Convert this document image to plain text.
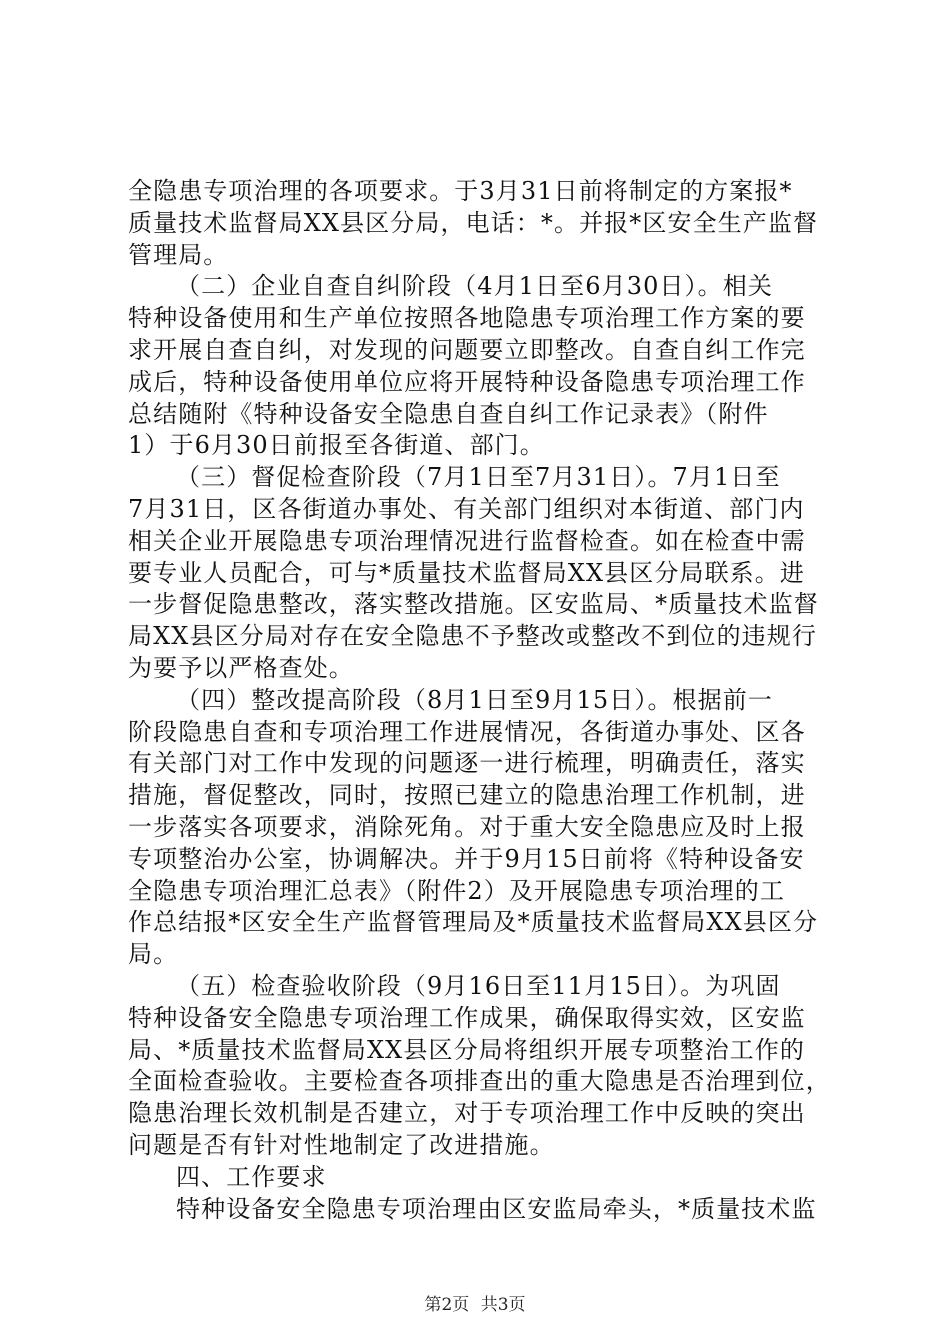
全隐患专项治理的各项要求。于3月31日前将制定的方案报*
质量技术监督局XX县区分局，电话：*。并报*区安全生产监督
管理局。
（二）企业自查自纠阶段（4月1日至6月30日）。相关
特种设备使用和生产单位按照各地隐患专项治理工作方案的要
求开展自查自纠，对发现的问题要立即整改。自查自纠工作完
成后，特种设备使用单位应将开展特种设备隐患专项治理工作
总结随附《特种设备安全隐患自查自纠工作记录表》（附件
1）于6月30日前报至各街道、部门。
（三）督促检查阶段（7月1日至7月31日）。7月1日至
7月31日，区各街道办事处、有关部门组织对本街道、部门内
相关企业开展隐患专项治理情况进行监督检查。如在检查中需
要专业人员配合，可与*质量技术监督局XX县区分局联系。进
一步督促隐患整改，落实整改措施。区安监局、*质量技术监督
局XX县区分局对存在安全隐患不予整改或整改不到位的违规行
为要予以严格查处。
（四）整改提高阶段（8月1日至9月15日）。根据前一
阶段隐患自查和专项治理工作进展情况，各街道办事处、区各
有关部门对工作中发现的问题逐一进行梳理，明确责任，落实
措施，督促整改，同时，按照已建立的隐患治理工作机制，进
一步落实各项要求，消除死角。对于重大安全隐患应及时上报
专项整治办公室，协调解决。并于9月15日前将《特种设备安
全隐患专项治理汇总表》（附件2）及开展隐患专项治理的工
作总结报*区安全生产监督管理局及*质量技术监督局XX县区分
局。
（五）检查验收阶段（9月16日至11月15日）。为巩固
特种设备安全隐患专项治理工作成果，确保取得实效，区安监
局、*质量技术监督局XX县区分局将组织开展专项整治工作的
全面检查验收。主要检查各项排查出的重大隐患是否治理到位，
隐患治理长效机制是否建立，对于专项治理工作中反映的突出
问题是否有针对性地制定了改进措施。
四、工作要求
特种设备安全隐患专项治理由区安监局牵头，*质量技术监
第2页 共3页
